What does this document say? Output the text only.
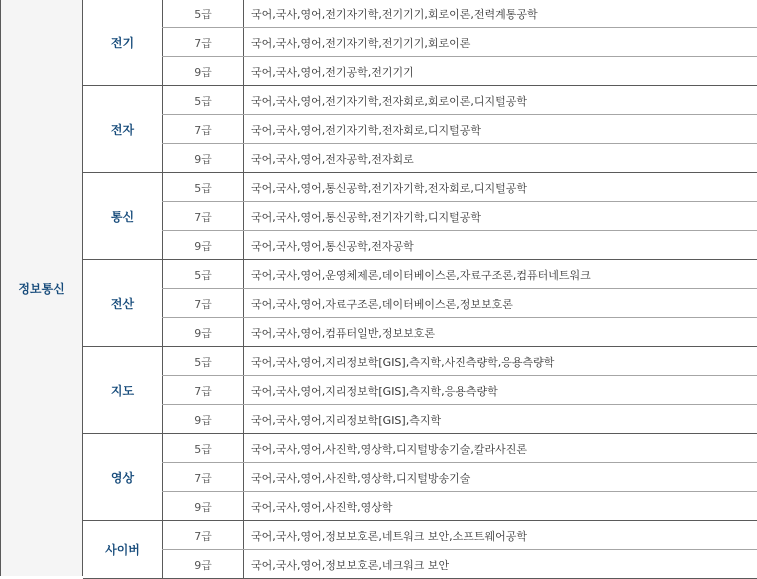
정보통신
전기
5급	국어,국사,영어,전기자기학,전기기기,회로이론,전력계통공학
7급	국어,국사,영어,전기자기학,전기기기,회로이론
9급	국어,국사,영어,전기공학,전기기기
전자
5급	국어,국사,영어,전기자기학,전자회로,회로이론,디지털공학
7급	국어,국사,영어,전기자기학,전자회로,디지털공학
9급	국어,국사,영어,전자공학,전자회로
통신
5급	국어,국사,영어,통신공학,전기자기학,전자회로,디지털공학
7급	국어,국사,영어,통신공학,전기자기학,디지털공학
9급	국어,국사,영어,통신공학,전자공학
전산
5급	국어,국사,영어,운영체제론,데이터베이스론,자료구조론,컴퓨터네트워크
7급	국어,국사,영어,자료구조론,데이터베이스론,정보보호론
9급	국어,국사,영어,컴퓨터일반,정보보호론
지도
5급	국어,국사,영어,지리정보학[GIS],측지학,사진측량학,응용측량학
7급	국어,국사,영어,지리정보학[GIS],측지학,응용측량학
9급	국어,국사,영어,지리정보학[GIS],측지학
영상
5급	국어,국사,영어,사진학,영상학,디지털방송기술,칼라사진론
7급	국어,국사,영어,사진학,영상학,디지털방송기술
9급	국어,국사,영어,사진학,영상학
사이버
7급	국어,국사,영어,정보보호론,네트워크 보안,소프트웨어공학
9급	국어,국사,영어,정보보호론,네크워크 보안
